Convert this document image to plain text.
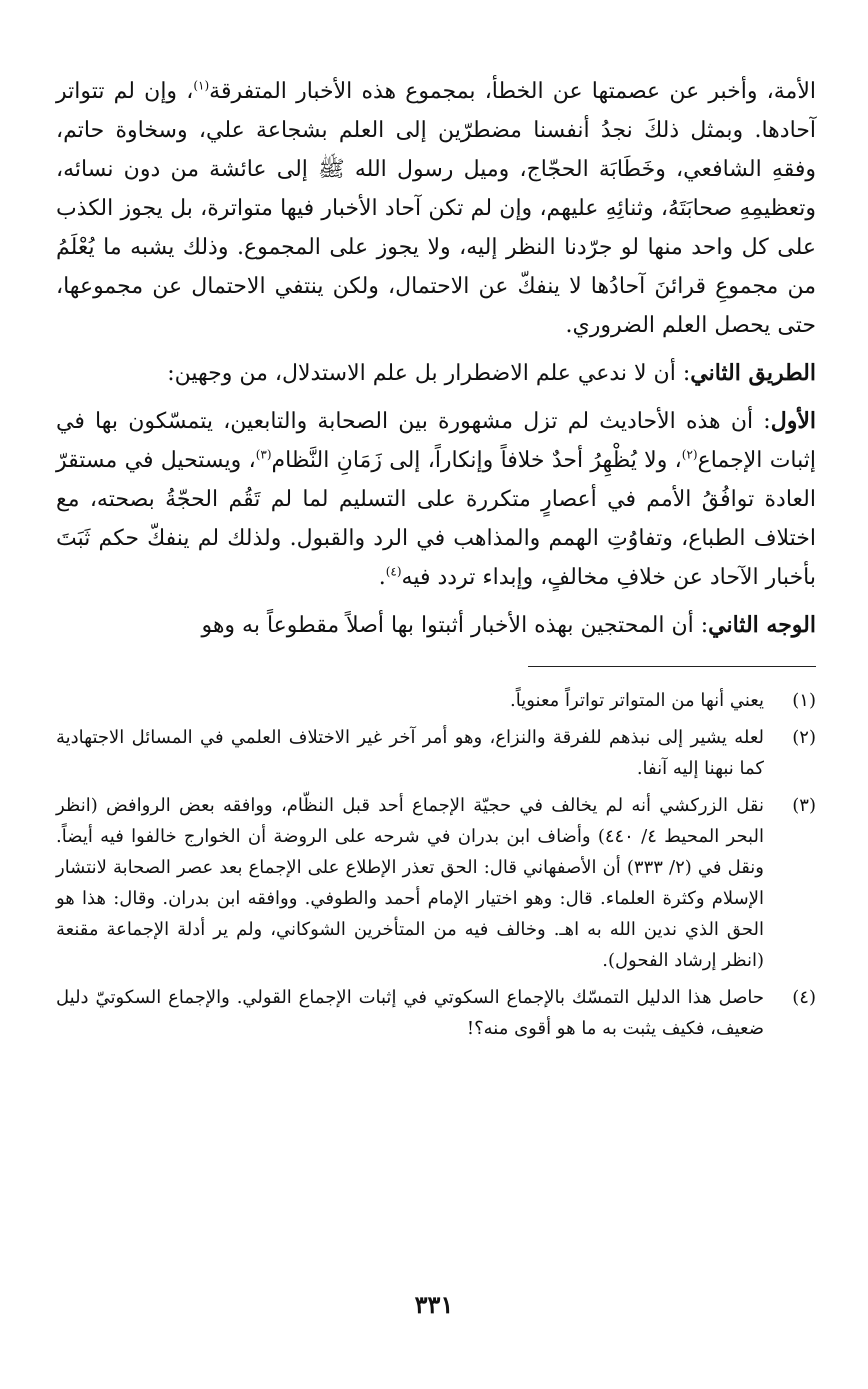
الأمة، وأخبر عن عصمتها عن الخطأ، بمجموع هذه الأخبار المتفرقة$^{(١)}$، وإن لم تتواتر آحادها. وبمثل ذلكَ نجدُ أنفسنا مضطرّين إلى العلم بشجاعة علي، وسخاوة حاتم، وفقهِ الشافعي، وخَطَابَة الحجّاج، وميل رسول الله ﷺ إلى عائشة من دون نسائه، وتعظيمِهِ صحابَتَهُ، وثنائِهِ عليهم، وإن لم تكن آحاد الأخبار فيها متواترة، بل يجوز الكذب على كل واحد منها لو جرّدنا النظر إليه، ولا يجوز على المجموع. وذلك يشبه ما يُعْلَمُ من مجموعِ قرائنَ آحادُها لا ينفكّ عن الاحتمال، ولكن ينتفي الاحتمال عن مجموعها، حتى يحصل العلم الضروري.

الطريق الثاني: أن لا ندعي علم الاضطرار بل علم الاستدلال، من وجهين:

الأول: أن هذه الأحاديث لم تزل مشهورة بين الصحابة والتابعين، يتمسّكون بها في إثبات الإجماع$^{(٢)}$، ولا يُظْهِرُ أحدٌ خلافاً وإنكاراً، إلى زَمَانِ النَّظام$^{(٣)}$، ويستحيل في مستقرّ العادة توافُقُ الأمم في أعصارٍ متكررة على التسليم لما لم تَقُم الحجّةُ بصحته، مع اختلاف الطباع، وتفاوُتِ الهمم والمذاهب في الرد والقبول. ولذلك لم ينفكّ حكم ثَبَتَ بأخبار الآحاد عن خلافِ مخالفٍ، وإبداء تردد فيه$^{(٤)}$.

الوجه الثاني: أن المحتجين بهذه الأخبار أثبتوا بها أصلاً مقطوعاً به وهو

(١)
يعني أنها من المتواتر تواتراً معنوياً.
(٢)
لعله يشير إلى نبذهم للفرقة والنزاع، وهو أمر آخر غير الاختلاف العلمي في المسائل الاجتهادية كما نبهنا إليه آنفا.
(٣)
نقل الزركشي أنه لم يخالف في حجيّة الإجماع أحد قبل النظّام، ووافقه بعض الروافض (انظر البحر المحيط ٤/ ٤٤٠) وأضاف ابن بدران في شرحه على الروضة أن الخوارج خالفوا فيه أيضاً. ونقل في (٢/ ٣٣٣) أن الأصفهاني قال: الحق تعذر الإطلاع على الإجماع بعد عصر الصحابة لانتشار الإسلام وكثرة العلماء. قال: وهو اختيار الإمام أحمد والطوفي. ووافقه ابن بدران. وقال: هذا هو الحق الذي ندين الله به اهـ. وخالف فيه من المتأخرين الشوكاني، ولم ير أدلة الإجماعة مقنعة (انظر إرشاد الفحول).
(٤)
حاصل هذا الدليل التمسّك بالإجماع السكوتي في إثبات الإجماع القولي. والإجماع السكوتيّ دليل ضعيف، فكيف يثبت به ما هو أقوى منه؟!
٣٣١
